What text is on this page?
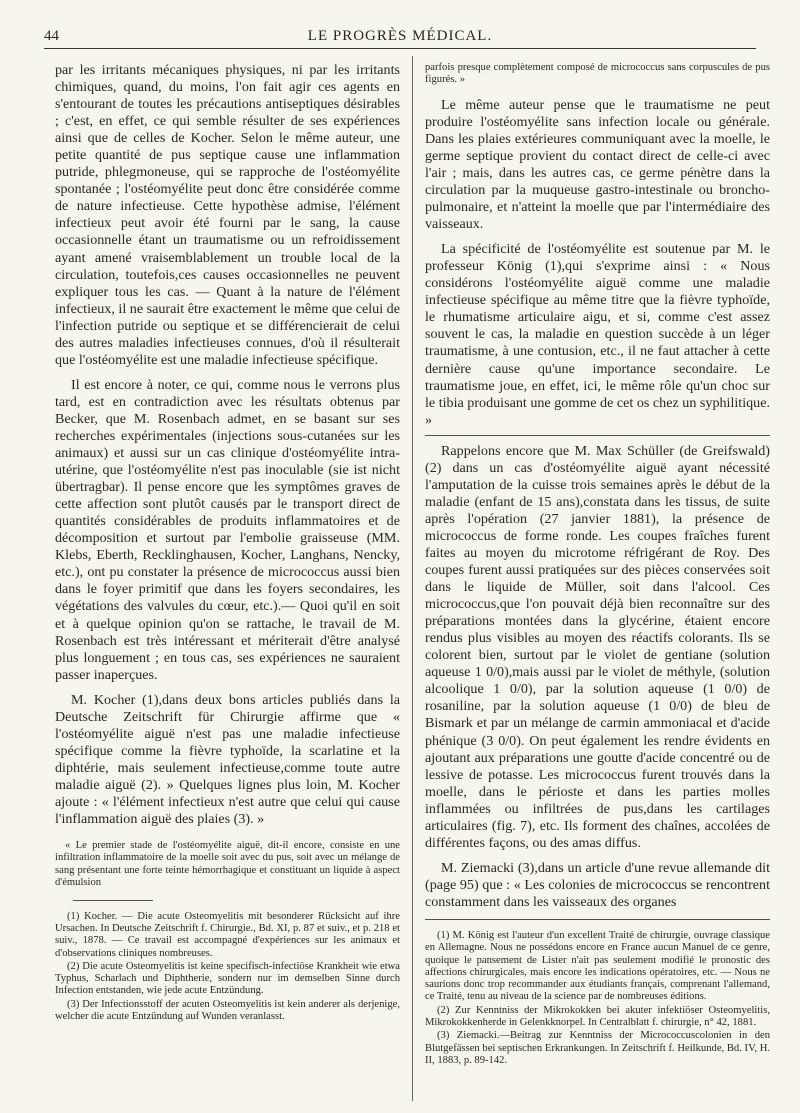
44	LE PROGRÈS MÉDICAL.

par les irritants mécaniques physiques, ni par les irritants chimiques, quand, du moins, l'on fait agir ces agents en s'entourant de toutes les précautions antiseptiques désirables ; c'est, en effet, ce qui semble résulter de ses expériences ainsi que de celles de Kocher. Selon le même auteur, une petite quantité de pus septique cause une inflammation putride, phlegmoneuse, qui se rapproche de l'ostéomyélite spontanée ; l'ostéomyélite peut donc être considérée comme de nature infectieuse. Cette hypothèse admise, l'élément infectieux peut avoir été fourni par le sang, la cause occasionnelle étant un traumatisme ou un refroidissement ayant amené vraisemblablement un trouble local de la circulation, toutefois,ces causes occasionnelles ne peuvent expliquer tous les cas. — Quant à la nature de l'élément infectieux, il ne saurait être exactement le même que celui de l'infection putride ou septique et se différencierait de celui des autres maladies infectieuses connues, d'où il résulterait que l'ostéomyélite est une maladie infectieuse spécifique.

Il est encore à noter, ce qui, comme nous le verrons plus tard, est en contradiction avec les résultats obtenus par Becker, que M. Rosenbach admet, en se basant sur ses recherches expérimentales (injections sous-cutanées sur les animaux) et aussi sur un cas clinique d'ostéomyélite intra-utérine, que l'ostéomyélite n'est pas inoculable (sie ist nicht übertragbar). Il pense encore que les symptômes graves de cette affection sont plutôt causés par le transport direct de quantités considérables de produits inflammatoires et de décomposition et surtout par l'embolie graisseuse (MM. Klebs, Eberth, Recklinghausen, Kocher, Langhans, Nencky, etc.), ont pu constater la présence de micrococcus aussi bien dans le foyer primitif que dans les foyers secondaires, les végétations des valvules du cœur, etc.).— Quoi qu'il en soit et à quelque opinion qu'on se rattache, le travail de M. Rosenbach est très intéressant et mériterait d'être analysé plus longuement ; en tous cas, ses expériences ne sauraient passer inaperçues.

M. Kocher (1),dans deux bons articles publiés dans la Deutsche Zeitschrift für Chirurgie affirme que « l'ostéomyélite aiguë n'est pas une maladie infectieuse spécifique comme la fièvre typhoïde, la scarlatine et la diphtérie, mais seulement infectieuse,comme toute autre maladie aiguë (2). » Quelques lignes plus loin, M. Kocher ajoute : « l'élément infectieux n'est autre que celui qui cause l'inflammation aiguë des plaies (3). »

« Le premier stade de l'ostéomyélite aiguë, dit-il encore, consiste en une infiltration inflammatoire de la moelle soit avec du pus, soit avec un mélange de sang présentant une forte teinte hémorrhagique et constituant un liquide à aspect d'émulsion

(1) Kocher. — Die acute Osteomyelitis mit besonderer Rücksicht auf ihre Ursachen. In Deutsche Zeitschrift f. Chirurgie., Bd. XI, p. 87 et suiv., et p. 218 et suiv., 1878. — Ce travail est accompagné d'expériences sur les animaux et d'observations cliniques nombreuses.

(2) Die acute Osteomyelitis ist keine specifisch-infectiöse Krankheit wie etwa Typhus, Scharlach und Diphtherie, sondern nur im demselben Sinne durch Infection entstanden, wie jede acute Entzündung.

(3) Der Infectionsstoff der acuten Osteomyelitis ist kein anderer als derjenige, welcher die acute Entzündung auf Wunden veranlasst.

parfois presque complètement composé de micrococcus sans corpuscules de pus figurés. »

Le même auteur pense que le traumatisme ne peut produire l'ostéomyélite sans infection locale ou générale. Dans les plaies extérieures communiquant avec la moelle, le germe septique provient du contact direct de celle-ci avec l'air ; mais, dans les autres cas, ce germe pénètre dans la circulation par la muqueuse gastro-intestinale ou broncho-pulmonaire, et n'atteint la moelle que par l'intermédiaire des vaisseaux.

La spécificité de l'ostéomyélite est soutenue par M. le professeur König (1),qui s'exprime ainsi : « Nous considérons l'ostéomyélite aiguë comme une maladie infectieuse spécifique au même titre que la fièvre typhoïde, le rhumatisme articulaire aigu, et si, comme c'est assez souvent le cas, la maladie en question succède à un léger traumatisme, à une contusion, etc., il ne faut attacher à cette dernière cause qu'une importance secondaire. Le traumatisme joue, en effet, ici, le même rôle qu'un choc sur le tibia produisant une gomme de cet os chez un syphilitique. »

Rappelons encore que M. Max Schüller (de Greifswald) (2) dans un cas d'ostéomyélite aiguë ayant nécessité l'amputation de la cuisse trois semaines après le début de la maladie (enfant de 15 ans),constata dans les tissus, de suite après l'opération (27 janvier 1881), la présence de micrococcus de forme ronde. Les coupes fraîches furent faites au moyen du microtome réfrigérant de Roy. Des coupes furent aussi pratiquées sur des pièces conservées soit dans le liquide de Müller, soit dans l'alcool. Ces micrococcus,que l'on pouvait déjà bien reconnaître sur des préparations montées dans la glycérine, étaient encore rendus plus visibles au moyen des réactifs colorants. Ils se colorent bien, surtout par le violet de gentiane (solution aqueuse 1 0/0),mais aussi par le violet de méthyle, (solution alcoolique 1 0/0), par la solution aqueuse (1 0/0) de rosaniline, par la solution aqueuse (1 0/0) de bleu de Bismark et par un mélange de carmin ammoniacal et d'acide phénique (3 0/0). On peut également les rendre évidents en ajoutant aux préparations une goutte d'acide concentré ou de lessive de potasse. Les micrococcus furent trouvés dans la moelle, dans le périoste et dans les parties molles inflammées ou infiltrées de pus,dans les cartilages articulaires (fig. 7), etc. Ils forment des chaînes, accolées de différentes façons, ou des amas diffus.

M. Ziemacki (3),dans un article d'une revue allemande dit (page 95) que : « Les colonies de micrococcus se rencontrent constamment dans les vaisseaux des organes

(1) M. König est l'auteur d'un excellent Traité de chirurgie, ouvrage classique en Allemagne. Nous ne possédons encore en France aucun Manuel de ce genre, quoique le pansement de Lister n'ait pas seulement modifié le pronostic des affections chirurgicales, mais encore les indications opératoires, etc. — Nous ne saurions donc trop recommander aux étudiants français, comprenant l'allemand, ce Traité, tenu au niveau de la science par de nombreuses éditions.

(2) Zur Kenntniss der Mikrokokken bei akuter infektiöser Osteomyelitis, Mikrokokkenherde in Gelenkknorpel. In Centralblatt f. chirurgie, n° 42, 1881.

(3) Ziemacki.—Beitrag zur Kenntniss der Micrococcuscolonien in den Blutgefässen bei septischen Erkrankungen. In Zeitschrift f. Heilkunde, Bd. IV, H. II, 1883, p. 89-142.
